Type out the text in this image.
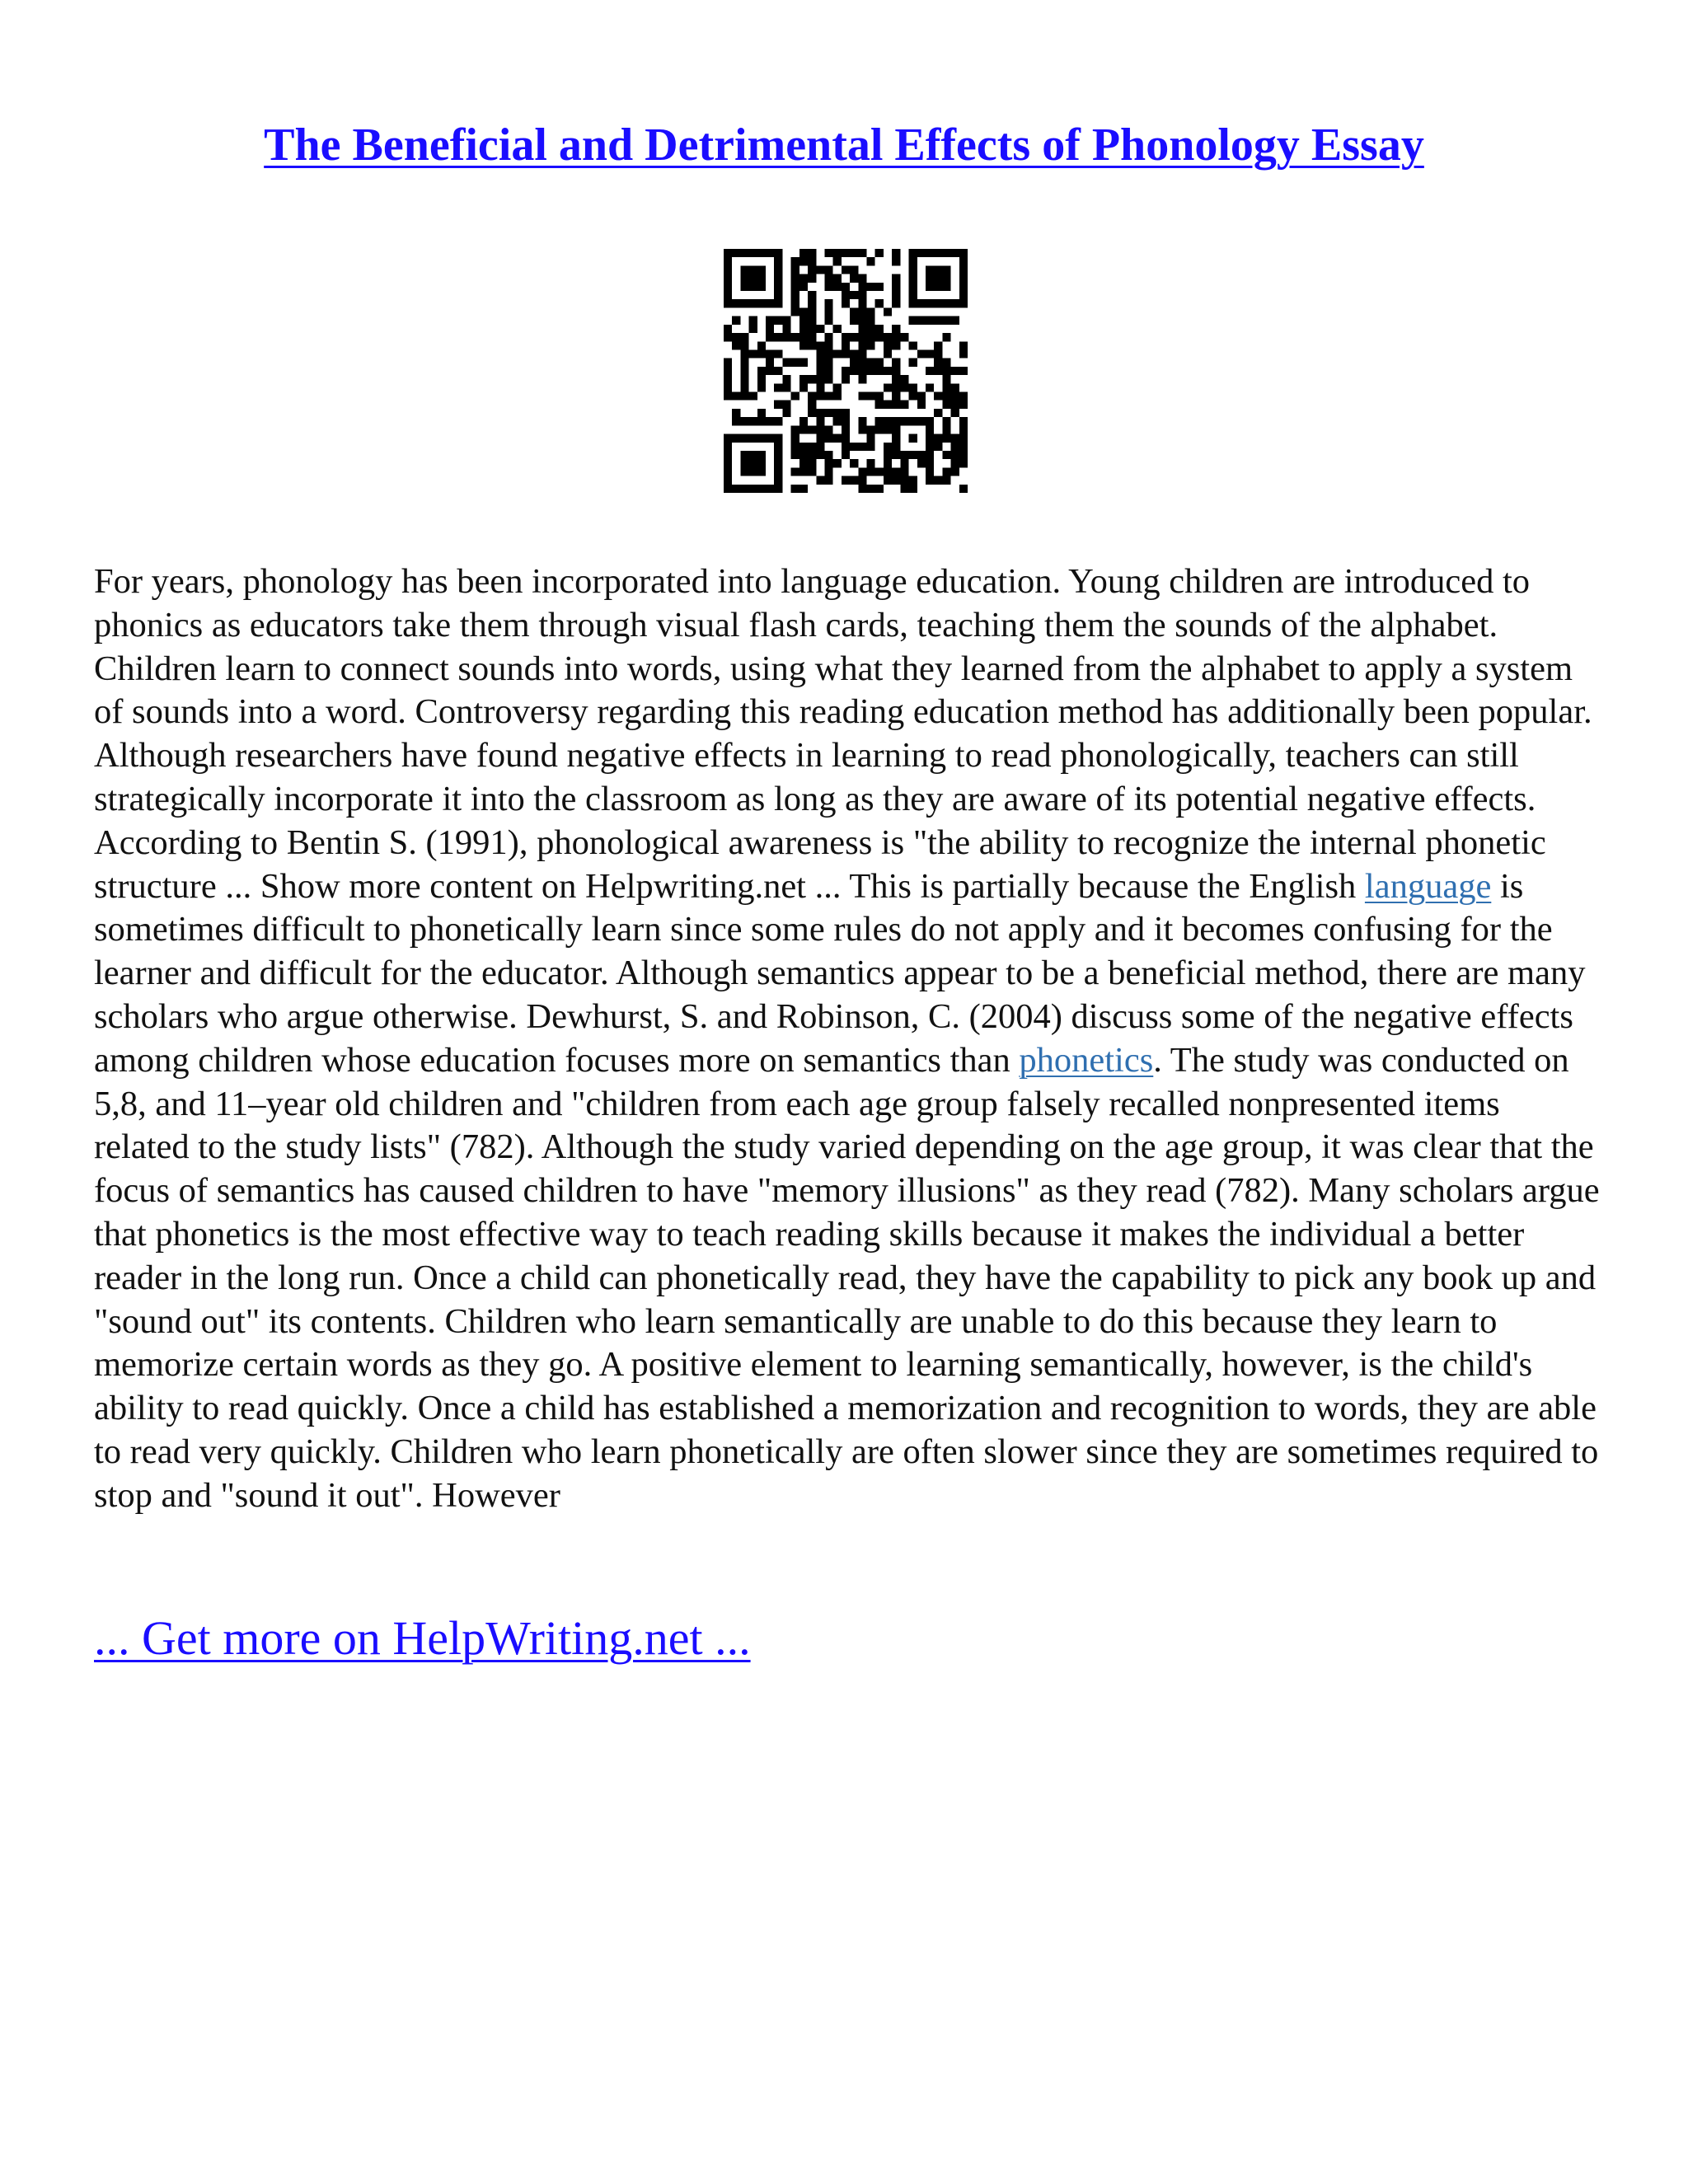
The Beneficial and Detrimental Effects of Phonology Essay

For years, phonology has been incorporated into language education. Young children are introduced to phonics as educators take them through visual flash cards, teaching them the sounds of the alphabet. Children learn to connect sounds into words, using what they learned from the alphabet to apply a system of sounds into a word. Controversy regarding this reading education method has additionally been popular. Although researchers have found negative effects in learning to read phonologically, teachers can still strategically incorporate it into the classroom as long as they are aware of its potential negative effects. According to Bentin S. (1991), phonological awareness is "the ability to recognize the internal phonetic structure ... Show more content on Helpwriting.net ... This is partially because the English language is sometimes difficult to phonetically learn since some rules do not apply and it becomes confusing for the learner and difficult for the educator. Although semantics appear to be a beneficial method, there are many scholars who argue otherwise. Dewhurst, S. and Robinson, C. (2004) discuss some of the negative effects among children whose education focuses more on semantics than phonetics. The study was conducted on 5,8, and 11–year old children and "children from each age group falsely recalled nonpresented items related to the study lists" (782). Although the study varied depending on the age group, it was clear that the focus of semantics has caused children to have "memory illusions" as they read (782). Many scholars argue that phonetics is the most effective way to teach reading skills because it makes the individual a better reader in the long run. Once a child can phonetically read, they have the capability to pick any book up and "sound out" its contents. Children who learn semantically are unable to do this because they learn to memorize certain words as they go. A positive element to learning semantically, however, is the child's ability to read quickly. Once a child has established a memorization and recognition to words, they are able to read very quickly. Children who learn phonetically are often slower since they are sometimes required to stop and "sound it out". However

... Get more on HelpWriting.net ...
